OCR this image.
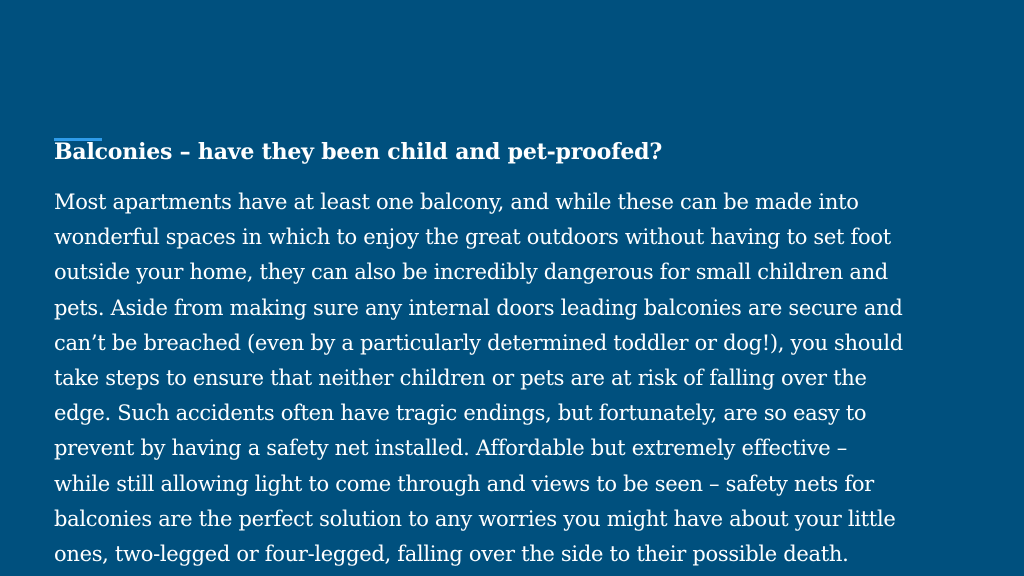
Balconies – have they been child and pet-proofed?

Most apartments have at least one balcony, and while these can be made into
wonderful spaces in which to enjoy the great outdoors without having to set foot
outside your home, they can also be incredibly dangerous for small children and
pets. Aside from making sure any internal doors leading balconies are secure and
can’t be breached (even by a particularly determined toddler or dog!), you should
take steps to ensure that neither children or pets are at risk of falling over the
edge. Such accidents often have tragic endings, but fortunately, are so easy to
prevent by having a safety net installed. Affordable but extremely effective –
while still allowing light to come through and views to be seen – safety nets for
balconies are the perfect solution to any worries you might have about your little
ones, two-legged or four-legged, falling over the side to their possible death.
